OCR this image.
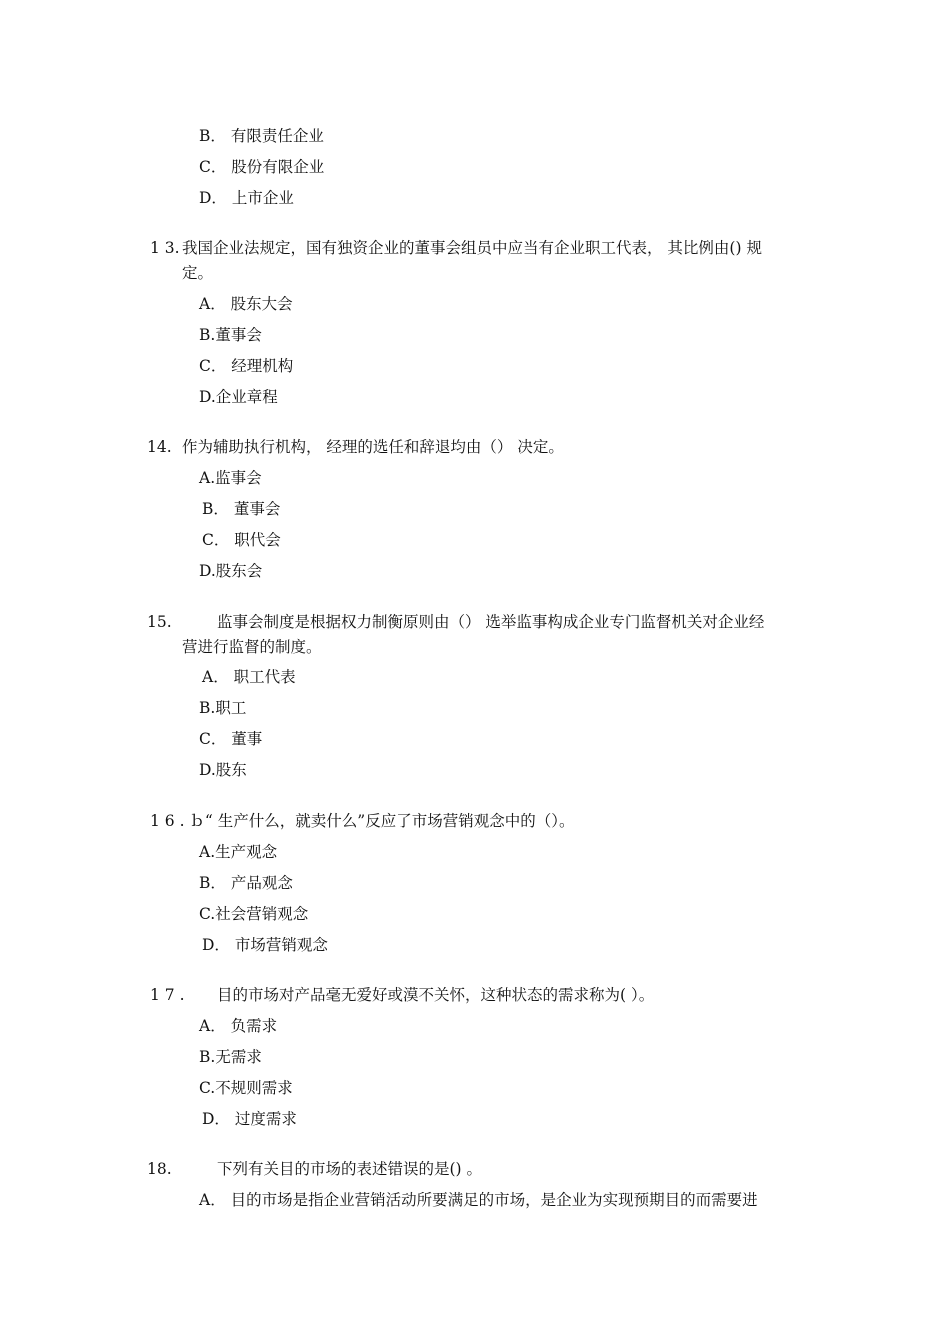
B． 有限责任企业
C． 股份有限企业
D． 上市企业
1 3. 我国企业法规定，国有独资企业的董事会组员中应当有企业职工代表， 其比例由() 规
定。
A． 股东大会
B.董事会
C． 经理机构
D.企业章程
14. 作为辅助执行机构， 经理的选任和辞退均由（） 决定。
A.监事会
B． 董事会
C． 职代会
D.股东会
15.	监事会制度是根据权力制衡原则由（） 选举监事构成企业专门监督机关对企业经
营进行监督的制度。
A． 职工代表
B.职工
C． 董事
D.股东
1 6 . ｂ“ 生产什么，就卖什么”反应了市场营销观念中的（）。
A.生产观念
B． 产品观念
C.社会营销观念
D． 市场营销观念
1 7 . 目的市场对产品毫无爱好或漠不关怀，这种状态的需求称为( ）。
A． 负需求
B.无需求
C.不规则需求
D． 过度需求
18.	下列有关目的市场的表述错误的是() 。
A． 目的市场是指企业营销活动所要满足的市场，是企业为实现预期目的而需要进
